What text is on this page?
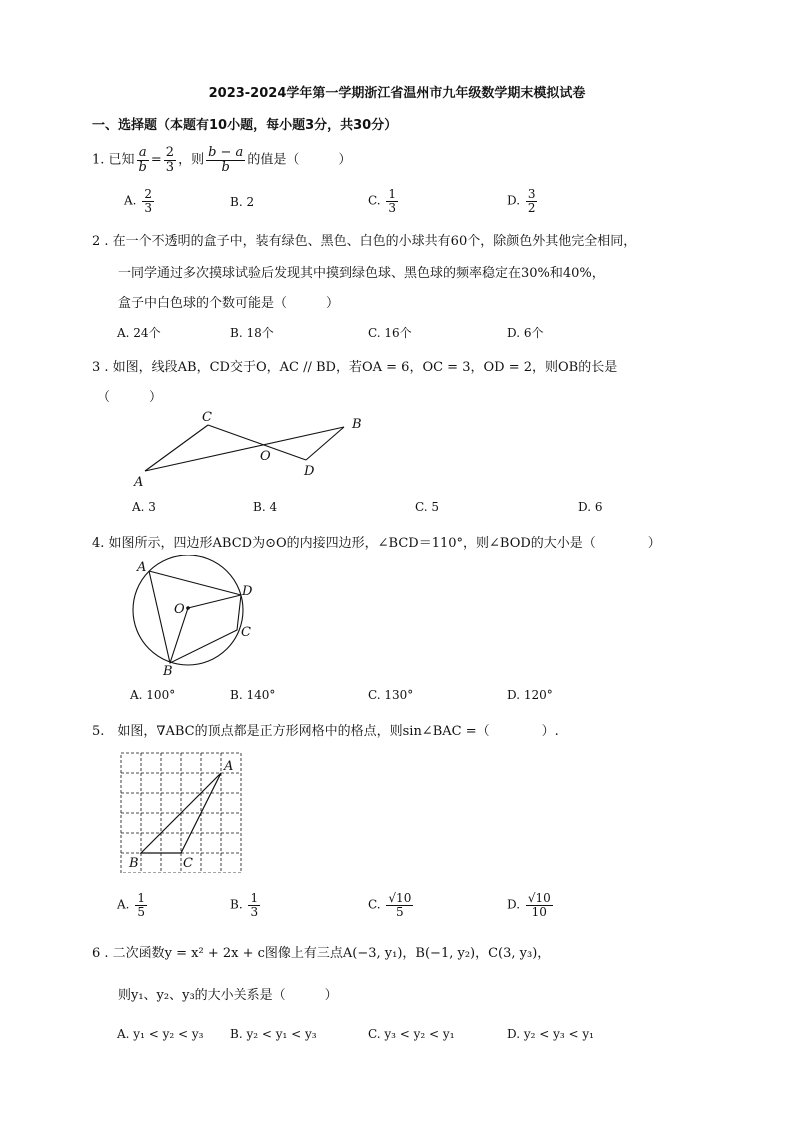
2023-2024学年第一学期浙江省温州市九年级数学期末模拟试卷
一、选择题（本题有10小题，每小题3分，共30分）
1. 已知 $\frac{a}{b} = \frac{2}{3}$ ，则 $\frac{b - a}{b}$ 的值是（　　　）
A. $\frac{2}{3}$	B. 2	C. $\frac{1}{3}$	D. $\frac{3}{2}$
2 . 在一个不透明的盒子中，装有绿色、黑色、白色的小球共有60个，除颜色外其他完全相同，
一同学通过多次摸球试验后发现其中摸到绿色球、黑色球的频率稳定在30%和40%，
盒子中白色球的个数可能是（　　　）
A. 24个	B. 18个	C. 16个	D. 6个
3 . 如图，线段AB，CD交于O，AC // BD，若OA = 6，OC = 3，OD = 2，则OB的长是
（　　　）
A
C	B
D
O
A. 3	B. 4	C. 5	D. 6
4. 如图所示，四边形ABCD为⊙O的内接四边形，∠BCD＝110°，则∠BOD的大小是（　　　　）
A
B
C
D
O
A. 100°	B. 140°	C. 130°	D. 120°
5.　如图，∇ABC的顶点都是正方形网格中的格点，则sin∠BAC =（　　　　）.
A
B	C
A. $\frac{1}{5}$	B. $\frac{1}{3}$	C. $\frac{√10}{5}$	D. $\frac{√10}{10}$
6 . 二次函数y = x² + 2x + c图像上有三点A(−3, y₁)，B(−1, y₂)，C(3, y₃)，
则y₁、y₂、y₃的大小关系是（　　　）
A. y₁ < y₂ < y₃ B. y₂ < y₁ < y₃	C. y₃ < y₂ < y₁	D. y₂ < y₃ < y₁
